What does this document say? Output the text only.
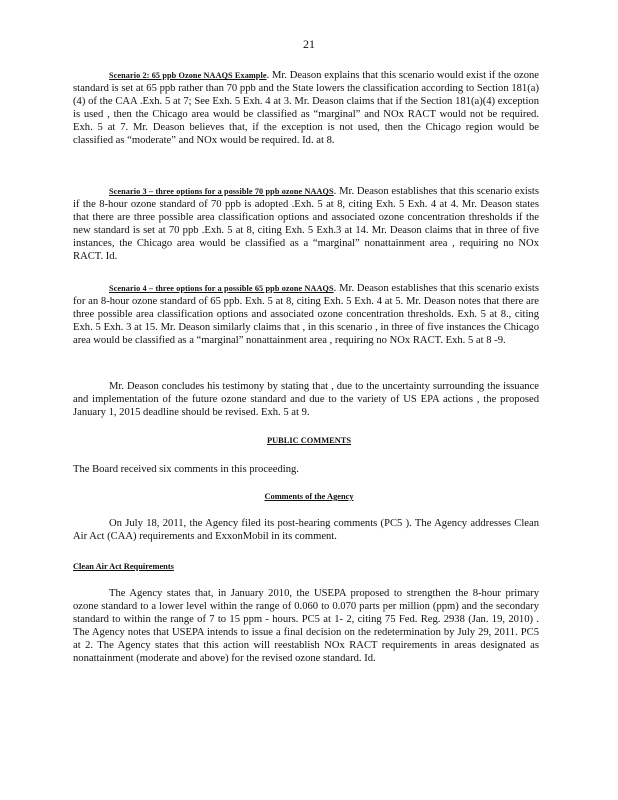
21

Scenario 2: 65 ppb Ozone NAAQS Example. Mr. Deason explains that this scenario would exist if the ozone standard is set at 65 ppb rather than 70 ppb and the State lowers the classification according to Section 181(a)(4) of the CAA .Exh. 5 at 7; See Exh. 5 Exh. 4 at 3. Mr. Deason claims that if the Section 181(a)(4) exception is used , then the Chicago area would be classified as “marginal” and NOx RACT would not be required. Exh. 5 at 7. Mr. Deason believes that, if the exception is not used, then the Chicago region would be classified as “moderate” and NOx would be required. Id. at 8.

Scenario 3 – three options for a possible 70 ppb ozone NAAQS. Mr. Deason establishes that this scenario exists if the 8-hour ozone standard of 70 ppb is adopted .Exh. 5 at 8, citing Exh. 5 Exh. 4 at 4. Mr. Deason states that there are three possible area classification options and associated ozone concentration thresholds if the new standard is set at 70 ppb .Exh. 5 at 8, citing Exh. 5 Exh.3 at 14. Mr. Deason claims that in three of five instances, the Chicago area would be classified as a “marginal” nonattainment area , requiring no NOx RACT. Id.

Scenario 4 – three options for a possible 65 ppb ozone NAAQS. Mr. Deason establishes that this scenario exists for an 8-hour ozone standard of 65 ppb. Exh. 5 at 8, citing Exh. 5 Exh. 4 at 5. Mr. Deason notes that there are three possible area classification options and associated ozone concentration thresholds. Exh. 5 at 8., citing Exh. 5 Exh. 3 at 15. Mr. Deason similarly claims that , in this scenario , in three of five instances the Chicago area would be classified as a “marginal” nonattainment area , requiring no NOx RACT. Exh. 5 at 8 -9.

Mr. Deason concludes his testimony by stating that , due to the uncertainty surrounding the issuance and implementation of the future ozone standard and due to the variety of US EPA actions , the proposed January 1, 2015 deadline should be revised. Exh. 5 at 9.

PUBLIC COMMENTS

The Board received six comments in this proceeding.

Comments of the Agency

On July 18, 2011, the Agency filed its post-hearing comments (PC5 ). The Agency addresses Clean Air Act (CAA) requirements and ExxonMobil in its comment.

Clean Air Act Requirements

The Agency states that, in January 2010, the USEPA proposed to strengthen the 8-hour primary ozone standard to a lower level within the range of 0.060 to 0.070 parts per million (ppm) and the secondary standard to within the range of 7 to 15 ppm - hours. PC5 at 1- 2, citing 75 Fed. Reg. 2938 (Jan. 19, 2010) . The Agency notes that USEPA intends to issue a final decision on the redetermination by July 29, 2011. PC5 at 2. The Agency states that this action will reestablish NOx RACT requirements in areas designated as nonattainment (moderate and above) for the revised ozone standard. Id.
